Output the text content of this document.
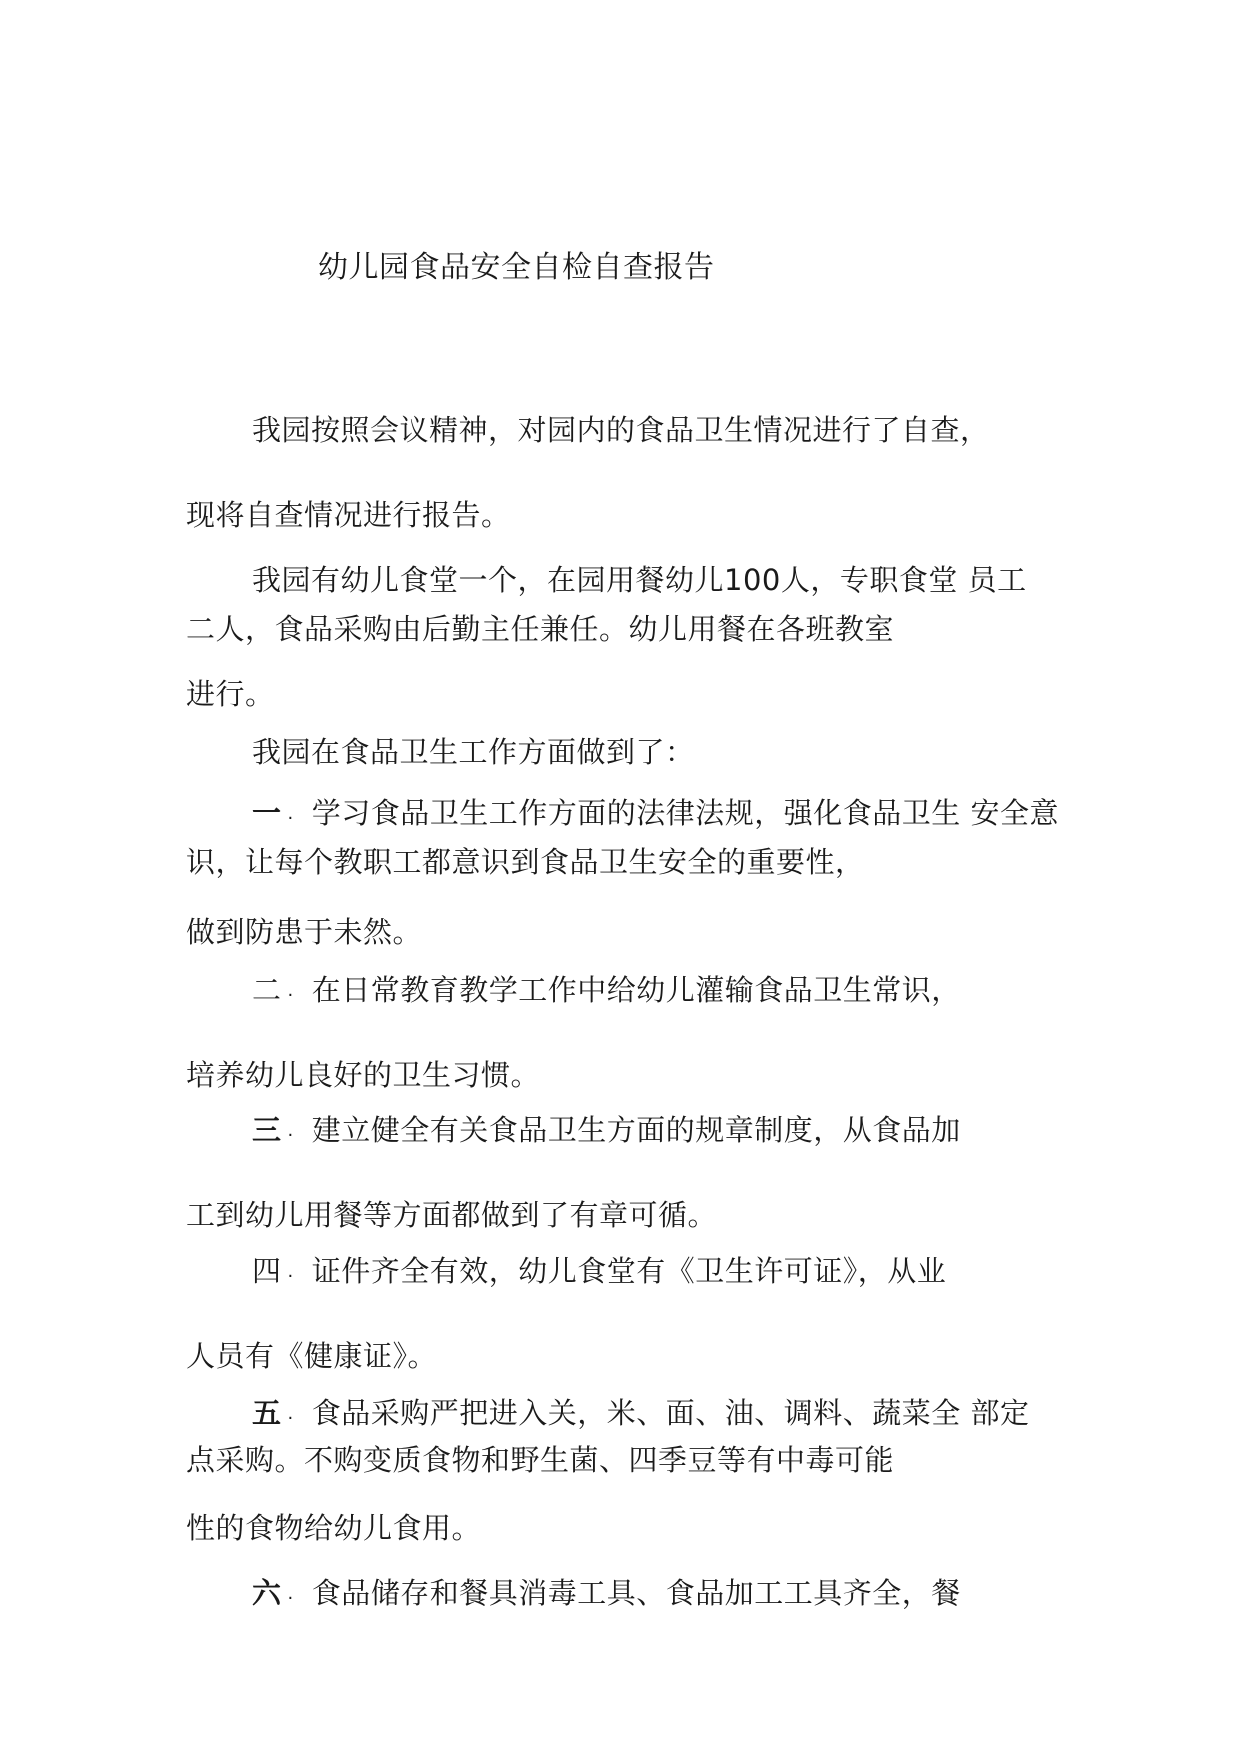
幼儿园食品安全自检自查报告
我园按照会议精神，对园内的食品卫生情况进行了自查，
现将自查情况进行报告。
我园有幼儿食堂一个，在园用餐幼儿100人，专职食堂 员工
二人，食品采购由后勤主任兼任。幼儿用餐在各班教室
进行。
我园在食品卫生工作方面做到了：
一 . 学习食品卫生工作方面的法律法规，强化食品卫生 安全意
识，让每个教职工都意识到食品卫生安全的重要性，
做到防患于未然。
二 . 在日常教育教学工作中给幼儿灌输食品卫生常识，
培养幼儿良好的卫生习惯。
三 . 建立健全有关食品卫生方面的规章制度，从食品加
工到幼儿用餐等方面都做到了有章可循。
四 . 证件齐全有效，幼儿食堂有《卫生许可证》，从业
人员有《健康证》。
五 . 食品采购严把进入关，米、面、油、调料、蔬菜全 部定
点采购。不购变质食物和野生菌、四季豆等有中毒可能
性的食物给幼儿食用。
六 . 食品储存和餐具消毒工具、食品加工工具齐全，餐
